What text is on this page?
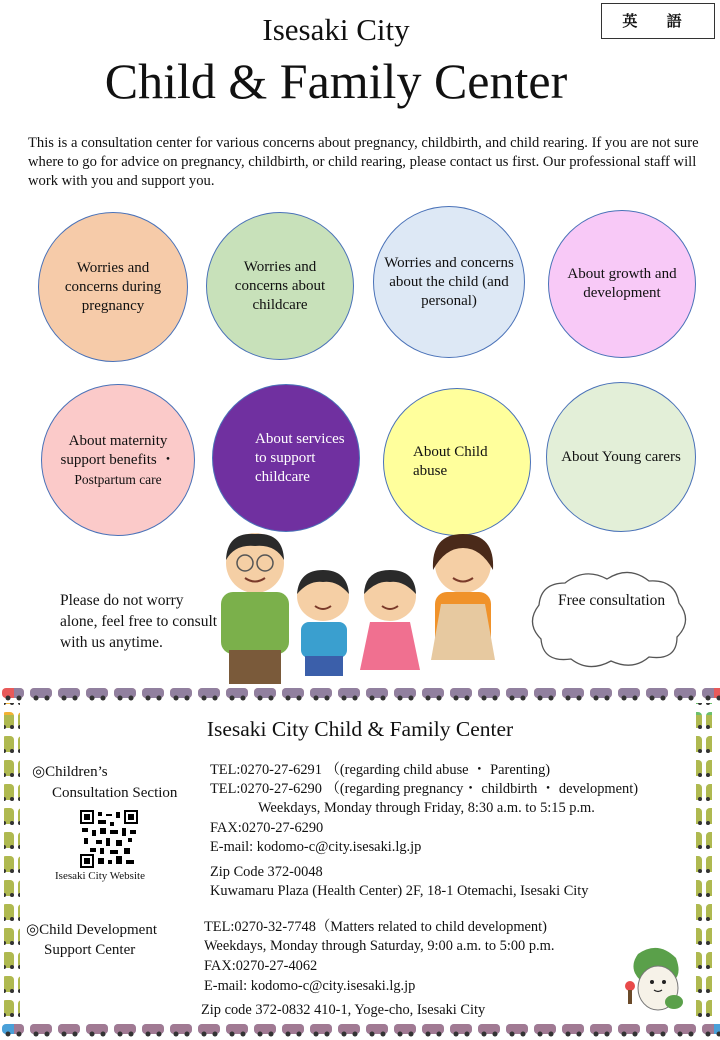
英 語
Isesaki City
Child & Family Center
This is a consultation center for various concerns about pregnancy, childbirth, and child rearing. If you are not sure where to go for advice on pregnancy, childbirth, or child rearing, please contact us first. Our professional staff will work with you and support you.
Worries and concerns during pregnancy
Worries and concerns about childcare
Worries and concerns about the child (and personal)
About growth and development
About maternity support benefits ・
Postpartum care
About services to support childcare
About Child abuse
About Young carers
Please do not worry alone, feel free to consult with us anytime.
Free consultation
Isesaki City Child & Family Center
◎Children’s
Consultation Section
Isesaki City Website
TEL:0270-27-6291 （(regarding child abuse ・ Parenting)
TEL:0270-27-6290 （(regarding pregnancy・ childbirth ・ development)
Weekdays, Monday through Friday, 8:30 a.m. to 5:15 p.m.
FAX:0270-27-6290
E-mail: kodomo-c@city.isesaki.lg.jp
Zip Code 372-0048
Kuwamaru Plaza (Health Center) 2F, 18-1 Otemachi, Isesaki City
◎Child Development
Support Center
TEL:0270-32-7748（Matters related to child development)
Weekdays, Monday through Saturday, 9:00 a.m. to 5:00 p.m.
FAX:0270-27-4062
E-mail: kodomo-c@city.isesaki.lg.jp
Zip code 372-0832 410-1, Yoge-cho, Isesaki City
